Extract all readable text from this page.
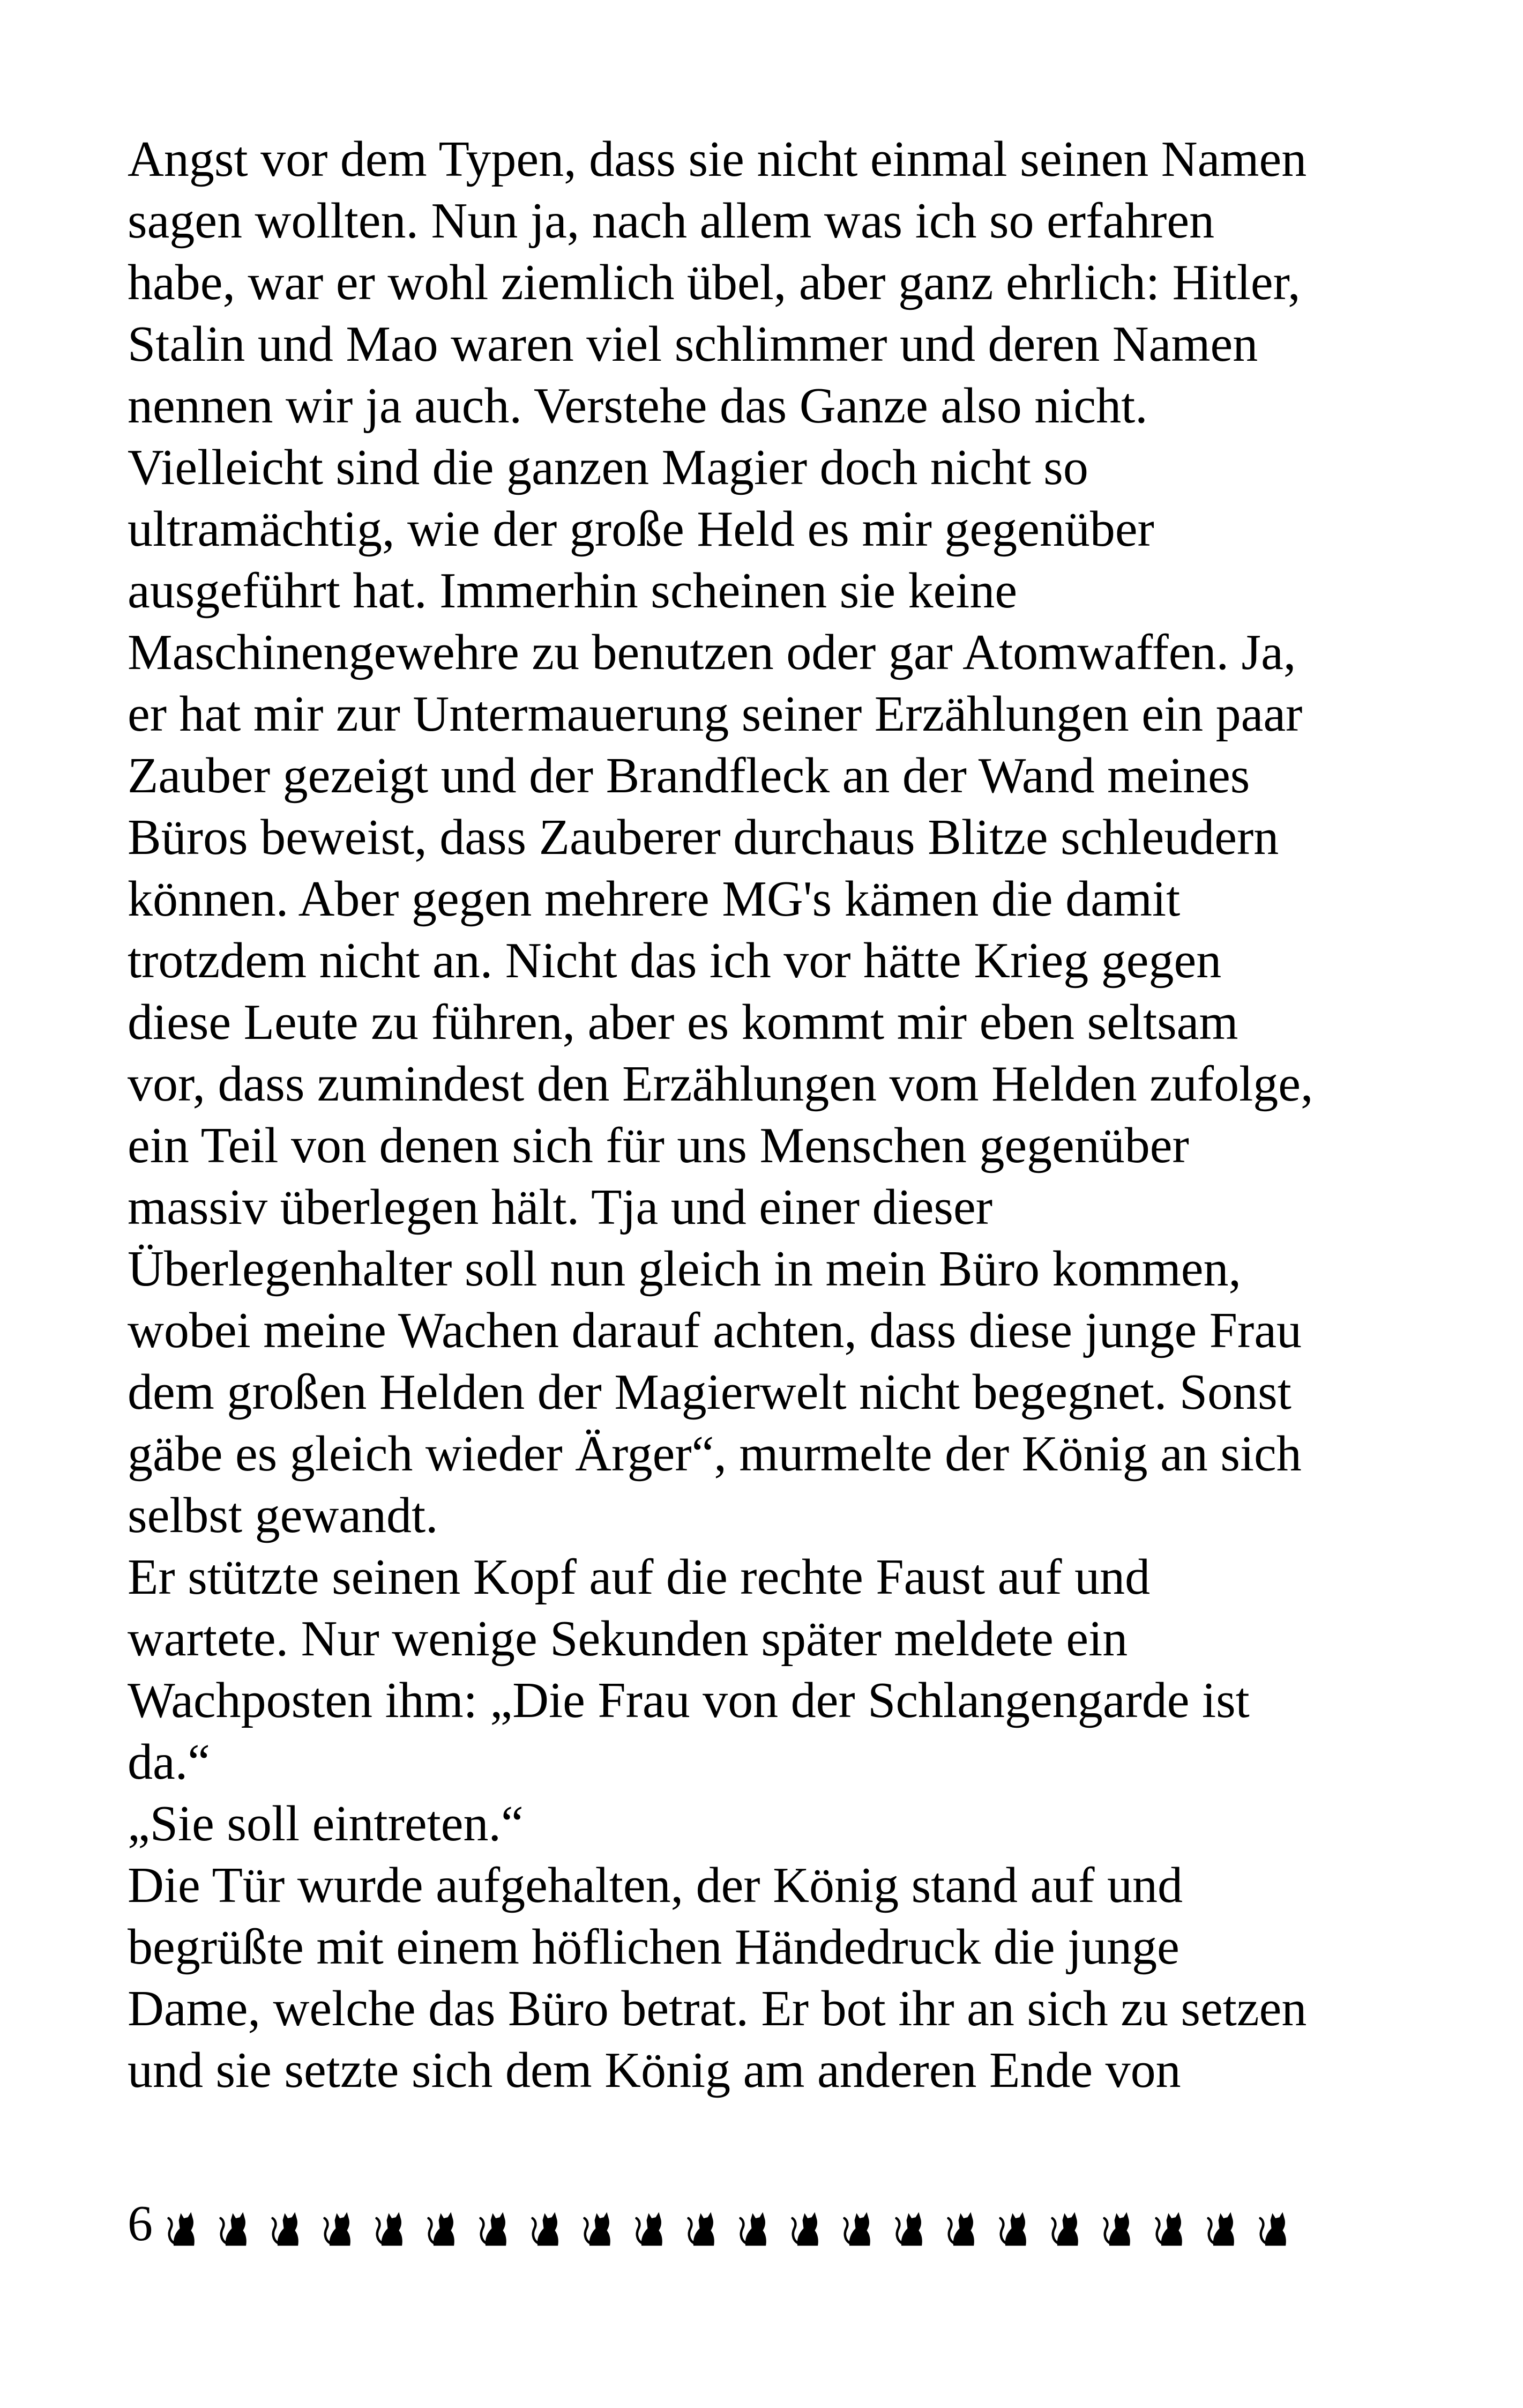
Angst vor dem Typen, dass sie nicht einmal seinen Namen
sagen wollten. Nun ja, nach allem was ich so erfahren
habe, war er wohl ziemlich übel, aber ganz ehrlich: Hitler,
Stalin und Mao waren viel schlimmer und deren Namen
nennen wir ja auch. Verstehe das Ganze also nicht.
Vielleicht sind die ganzen Magier doch nicht so
ultramächtig, wie der große Held es mir gegenüber
ausgeführt hat. Immerhin scheinen sie keine
Maschinengewehre zu benutzen oder gar Atomwaffen. Ja,
er hat mir zur Untermauerung seiner Erzählungen ein paar
Zauber gezeigt und der Brandfleck an der Wand meines
Büros beweist, dass Zauberer durchaus Blitze schleudern
können. Aber gegen mehrere MG's kämen die damit
trotzdem nicht an. Nicht das ich vor hätte Krieg gegen
diese Leute zu führen, aber es kommt mir eben seltsam
vor, dass zumindest den Erzählungen vom Helden zufolge,
ein Teil von denen sich für uns Menschen gegenüber
massiv überlegen hält. Tja und einer dieser
Überlegenhalter soll nun gleich in mein Büro kommen,
wobei meine Wachen darauf achten, dass diese junge Frau
dem großen Helden der Magierwelt nicht begegnet. Sonst
gäbe es gleich wieder Ärger“, murmelte der König an sich
selbst gewandt.
Er stützte seinen Kopf auf die rechte Faust auf und
wartete. Nur wenige Sekunden später meldete ein
Wachposten ihm: „Die Frau von der Schlangengarde ist
da.“
„Sie soll eintreten.“
Die Tür wurde aufgehalten, der König stand auf und
begrüßte mit einem höflichen Händedruck die junge
Dame, welche das Büro betrat. Er bot ihr an sich zu setzen
und sie setzte sich dem König am anderen Ende von
6
